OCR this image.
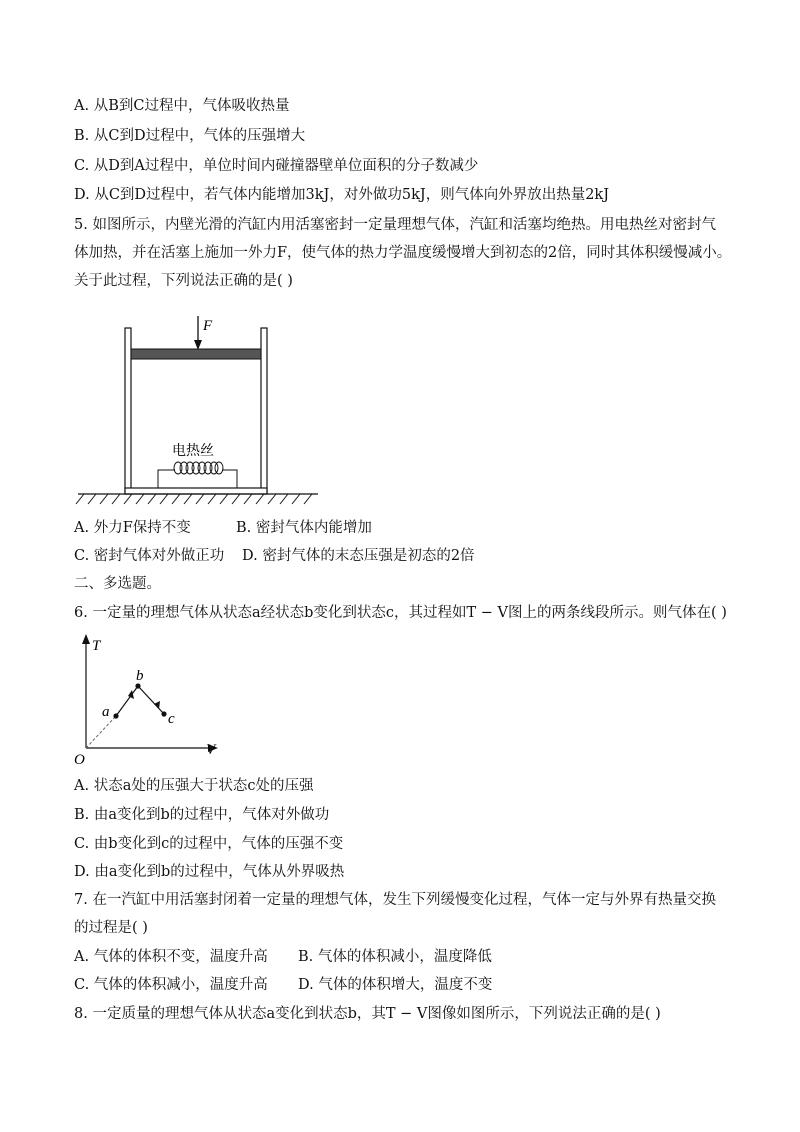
A. 从B到C过程中，气体吸收热量
B. 从C到D过程中，气体的压强增大
C. 从D到A过程中，单位时间内碰撞器壁单位面积的分子数减少
D. 从C到D过程中，若气体内能增加3kJ，对外做功5kJ，则气体向外界放出热量2kJ
5. 如图所示，内壁光滑的汽缸内用活塞密封一定量理想气体，汽缸和活塞均绝热。用电热丝对密封气
体加热，并在活塞上施加一外力F，使气体的热力学温度缓慢增大到初态的2倍，同时其体积缓慢减小。
关于此过程，下列说法正确的是( )
F
电热丝
A. 外力F保持不变	B. 密封气体内能增加
C. 密封气体对外做正功 D. 密封气体的末态压强是初态的2倍
二、多选题。
6. 一定量的理想气体从状态a经状态b变化到状态c，其过程如T − V图上的两条线段所示。则气体在( )
T
V
O
a
b
c
A. 状态a处的压强大于状态c处的压强
B. 由a变化到b的过程中，气体对外做功
C. 由b变化到c的过程中，气体的压强不变
D. 由a变化到b的过程中，气体从外界吸热
7. 在一汽缸中用活塞封闭着一定量的理想气体，发生下列缓慢变化过程，气体一定与外界有热量交换
的过程是( )
A. 气体的体积不变，温度升高 B. 气体的体积减小，温度降低
C. 气体的体积减小，温度升高 D. 气体的体积增大，温度不变
8. 一定质量的理想气体从状态a变化到状态b，其T − V图像如图所示，下列说法正确的是( )
